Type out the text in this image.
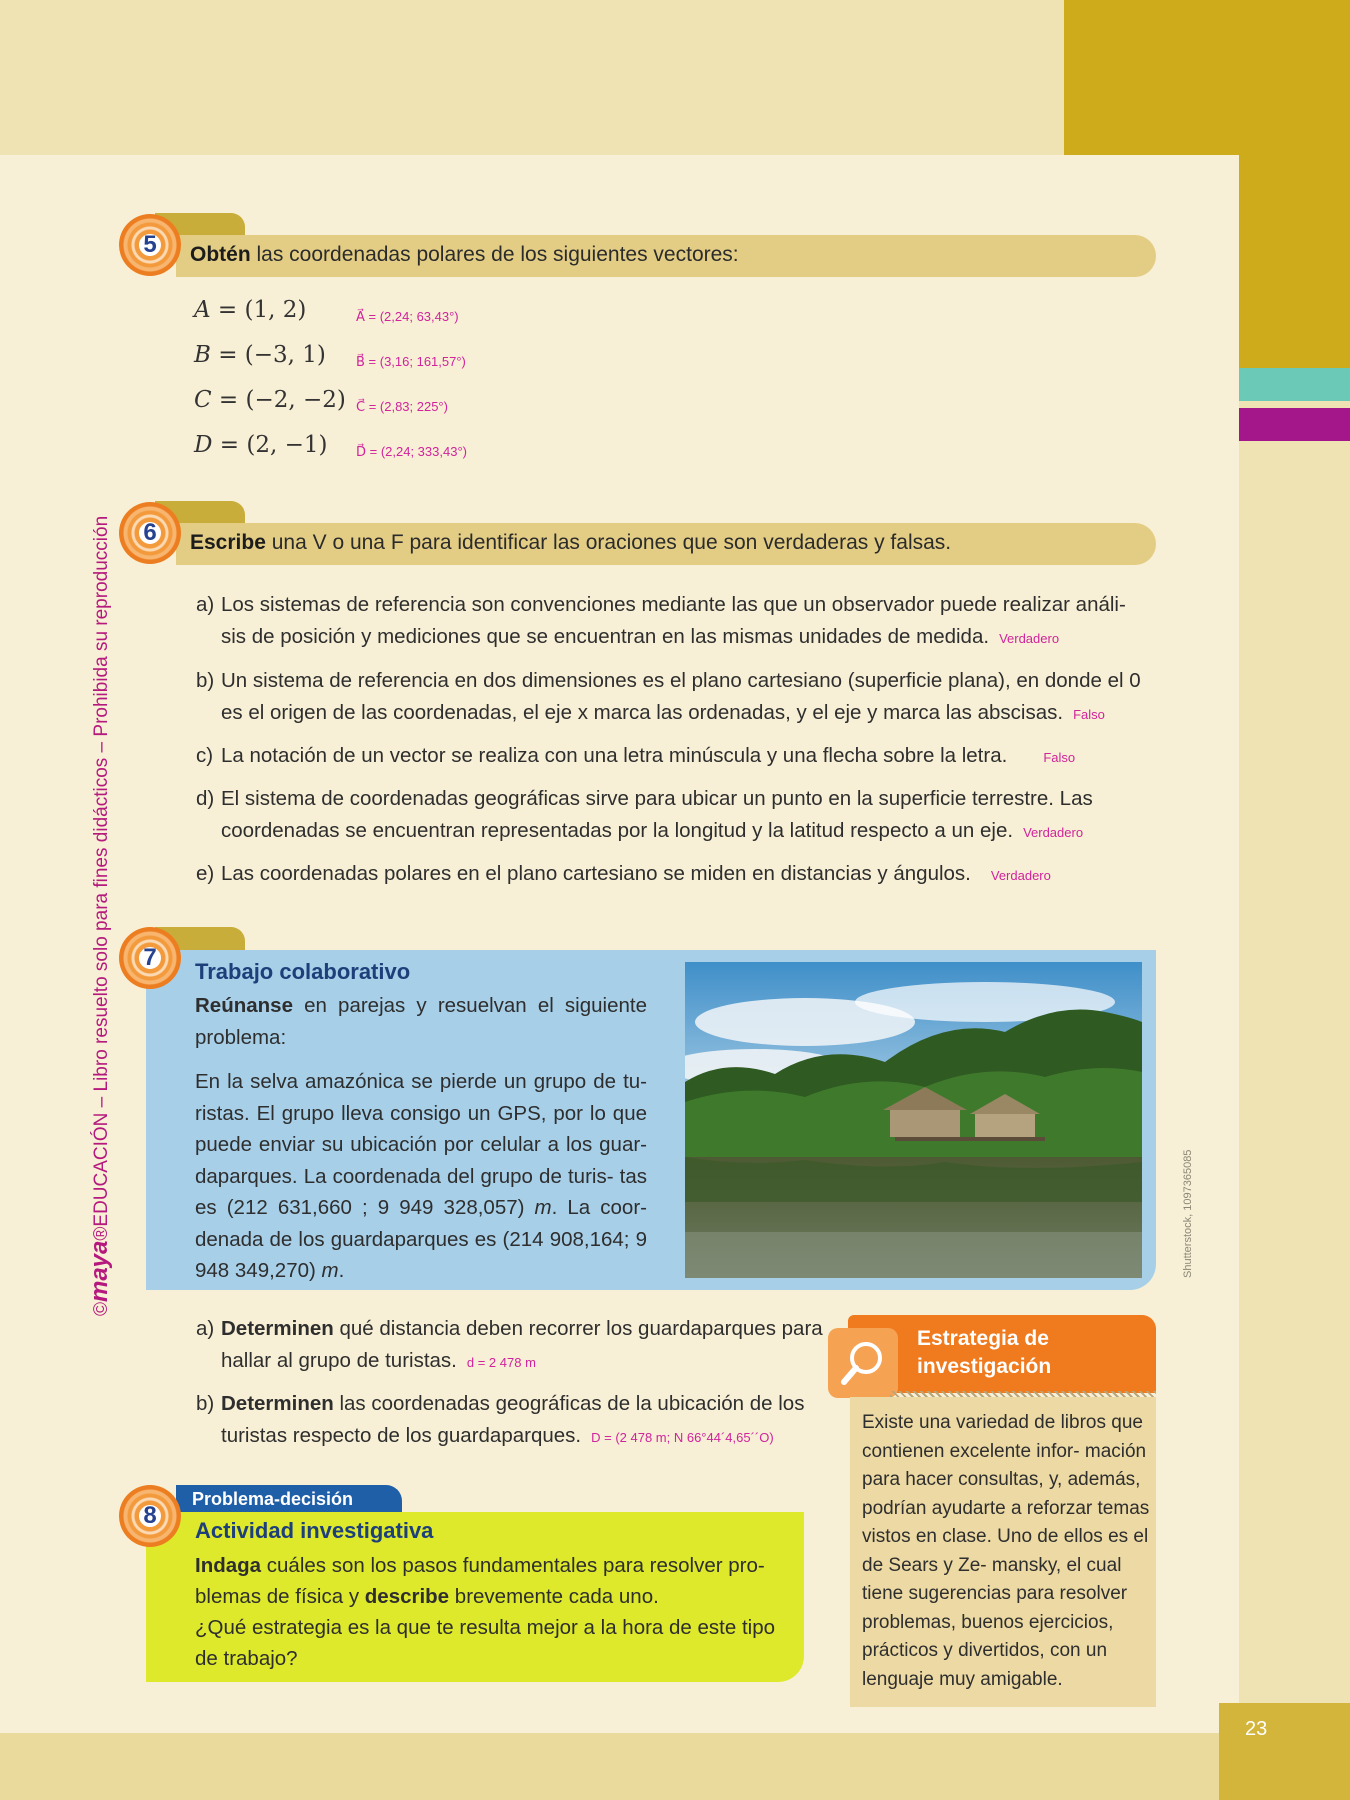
23
©maya®EDUCACIÓN – Libro resuelto solo para fines didácticos – Prohibida su reproducción
Obtén las coordenadas polares de los siguientes vectores:
5
A = (1, 2)	A⃗ = (2,24; 63,43°)
B = (−3, 1) B⃗ = (3,16; 161,57°)
C = (−2, −2) C⃗ = (2,83; 225°)
D = (2, −1) D⃗ = (2,24; 333,43°)
Escribe una V o una F para identificar las oraciones que son verdaderas y falsas.
6
a) Los sistemas de referencia son convenciones mediante las que un observador puede realizar análi- sis de posición y mediciones que se encuentran en las mismas unidades de medida. Verdadero
b) Un sistema de referencia en dos dimensiones es el plano cartesiano (superficie plana), en donde el 0 es el origen de las coordenadas, el eje x marca las ordenadas, y el eje y marca las abscisas. Falso
c) La notación de un vector se realiza con una letra minúscula y una flecha sobre la letra.	Falso
d) El sistema de coordenadas geográficas sirve para ubicar un punto en la superficie terrestre. Las coordenadas se encuentran representadas por la longitud y la latitud respecto a un eje. Verdadero
e) Las coordenadas polares en el plano cartesiano se miden en distancias y ángulos. Verdadero
7
Trabajo colaborativo
Reúnanse en parejas y resuelvan el siguiente problema:
En la selva amazónica se pierde un grupo de tu- ristas. El grupo lleva consigo un GPS, por lo que puede enviar su ubicación por celular a los guar- daparques. La coordenada del grupo de turis- tas es (212 631,660 ; 9 949 328,057) m. La coor- denada de los guardaparques es (214 908,164; 9 948 349,270) m.	Shutterstock, 1097365085
a) Determinen qué distancia deben recorrer los guardaparques para hallar al grupo de turistas. d = 2 478 m
b) Determinen las coordenadas geográficas de la ubicación de los turistas respecto de los guardaparques. D = (2 478 m; N 66°44´4,65´´O)
Estrategia de
investigación
Existe una variedad de libros que contienen excelente infor- mación para hacer consultas, y, además, podrían ayudarte a reforzar temas vistos en clase. Uno de ellos es el de Sears y Ze- mansky, el cual tiene sugerencias para resolver problemas, buenos ejercicios, prácticos y divertidos, con un lenguaje muy amigable.
Problema-decisión
8
Actividad investigativa
Indaga cuáles son los pasos fundamentales para resolver pro- blemas de física y describe brevemente cada uno.
¿Qué estrategia es la que te resulta mejor a la hora de este tipo de trabajo?
